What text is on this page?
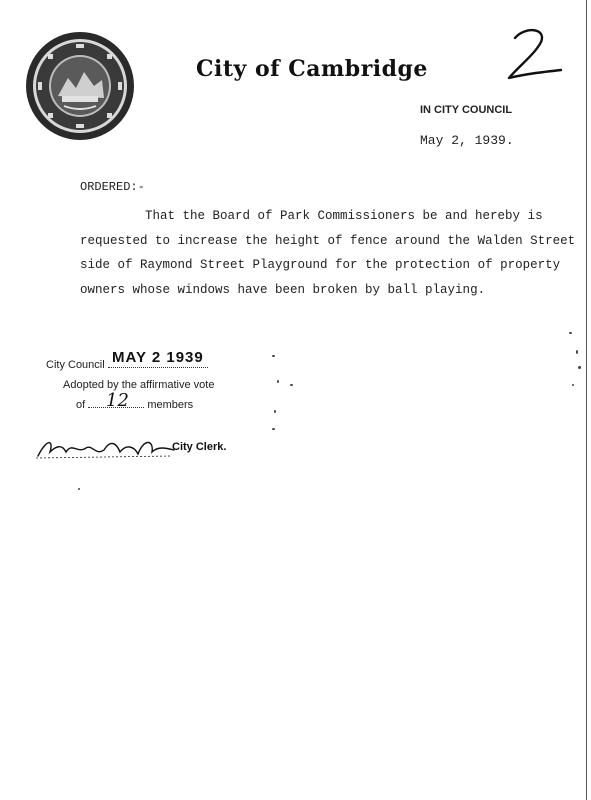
City of Cambridge
IN CITY COUNCIL
May 2, 1939.
ORDERED:-
That the Board of Park Commissioners be and hereby is
requested to increase the height of fence around the Walden Street
side of Raymond Street Playground for the protection of property
owners whose windows have been broken by ball playing.
City Council MAY 2 1939
Adopted by the affirmative vote
of	members
12
City Clerk.
